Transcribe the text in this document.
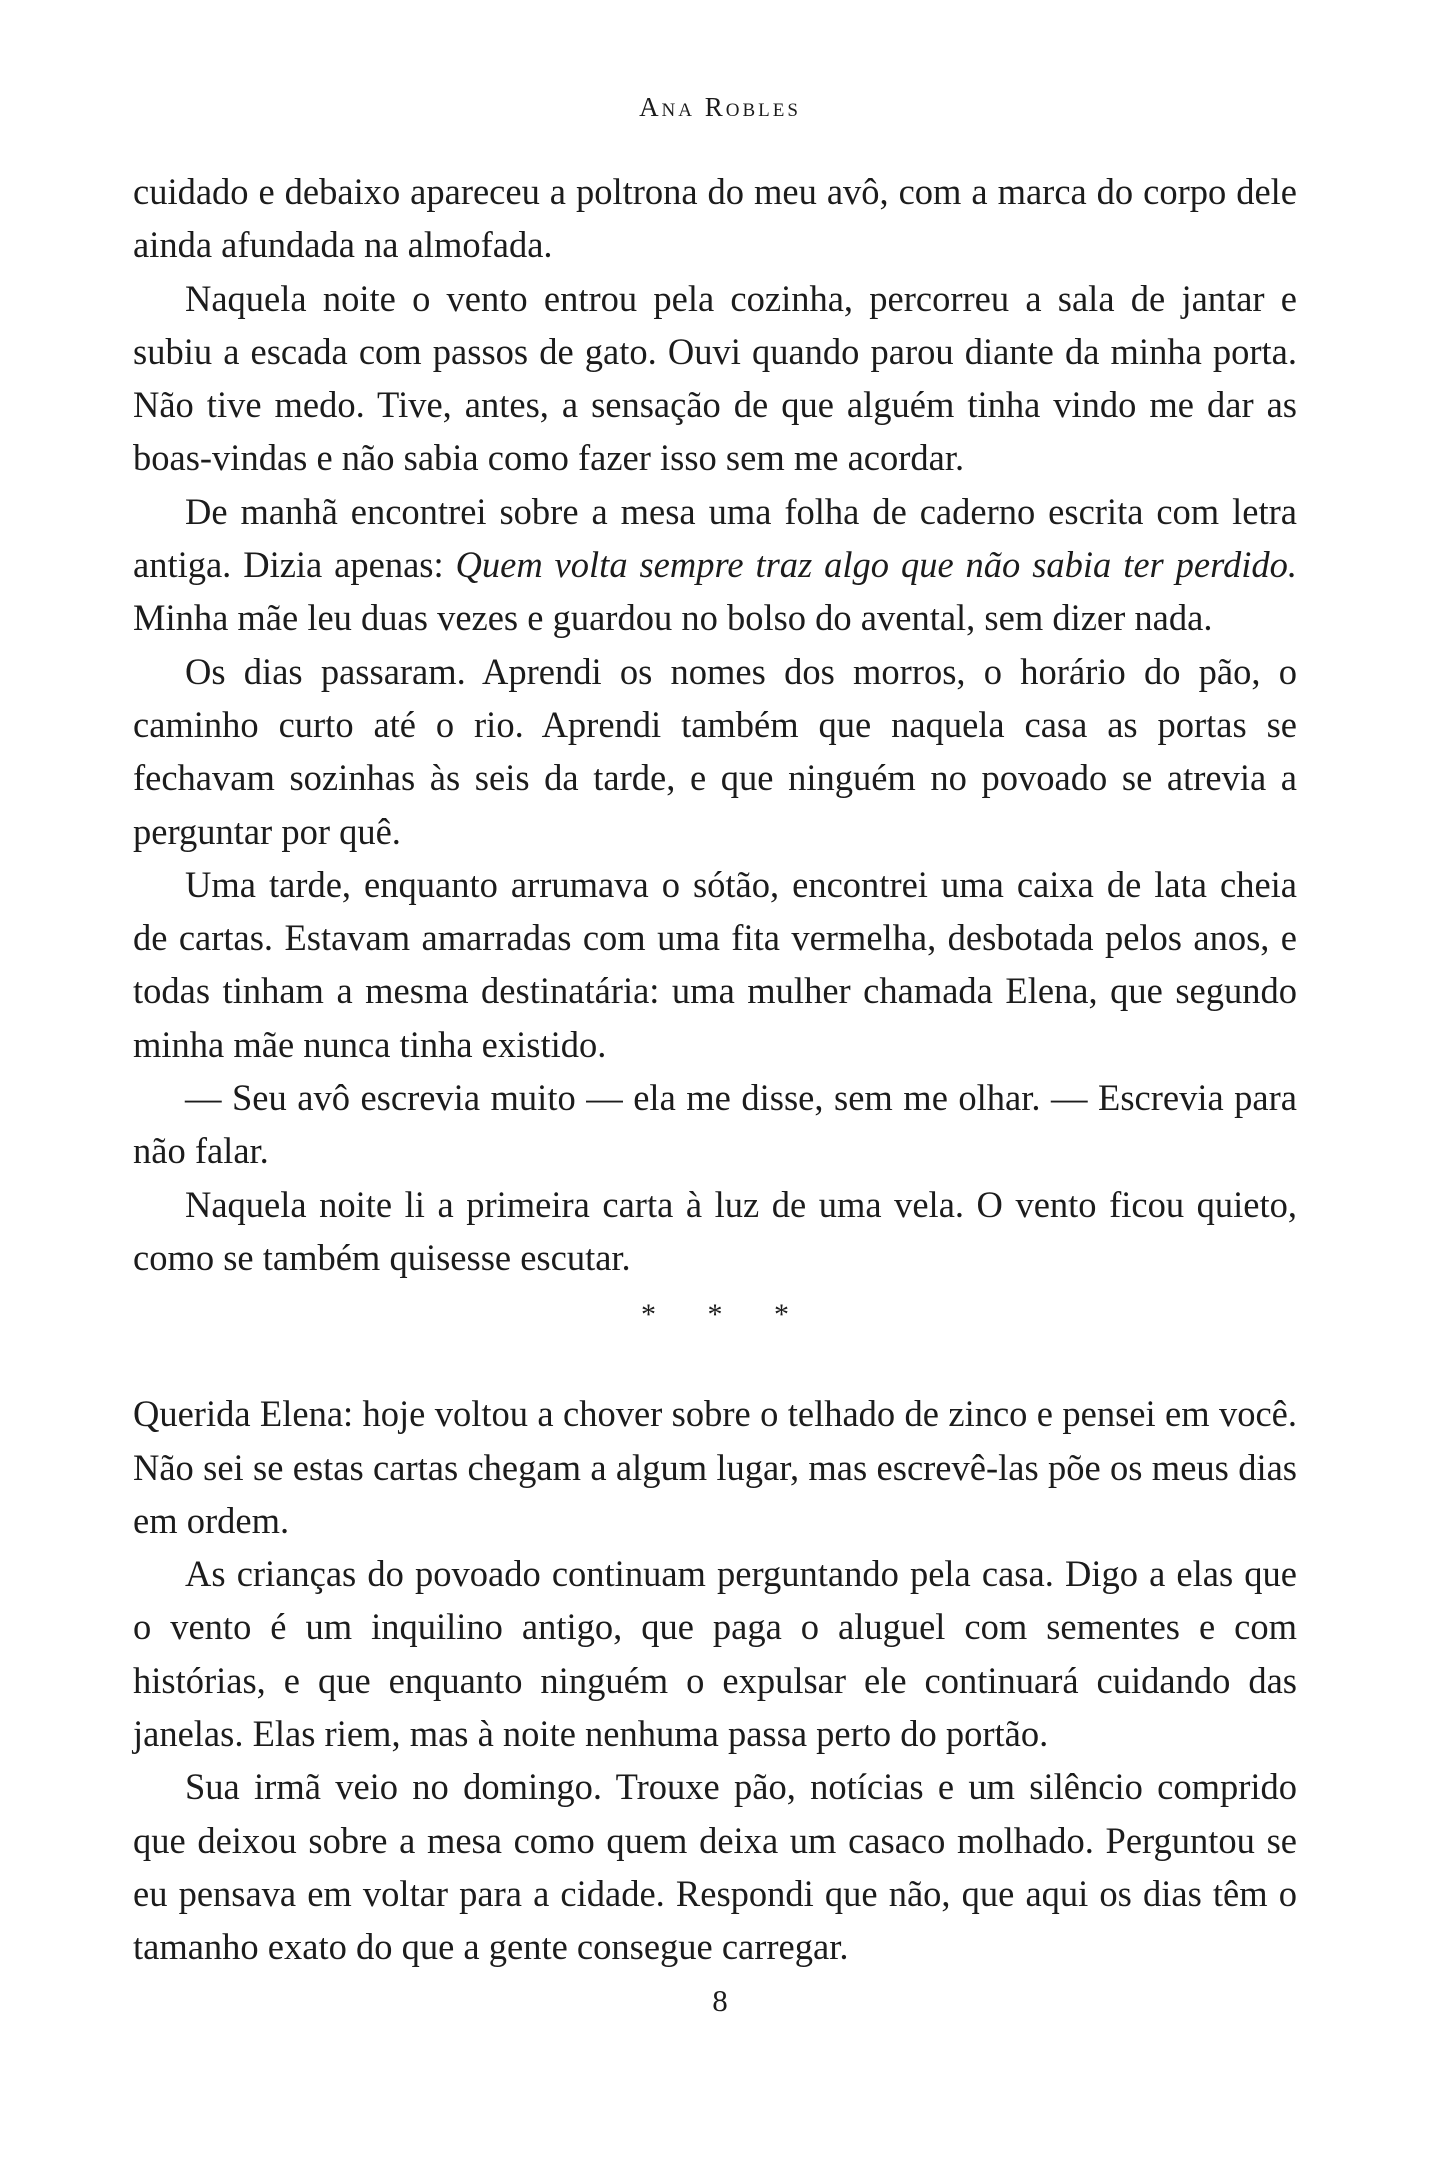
Ana Robles

cuidado e debaixo apareceu a poltrona do meu avô, com a marca do corpo dele ainda afundada na almofada.

Naquela noite o vento entrou pela cozinha, percorreu a sala de jantar e subiu a escada com passos de gato. Ouvi quando parou diante da minha porta. Não tive medo. Tive, antes, a sensação de que alguém tinha vindo me dar as boas-vindas e não sabia como fazer isso sem me acordar.

De manhã encontrei sobre a mesa uma folha de caderno escrita com letra antiga. Dizia apenas: Quem volta sempre traz algo que não sabia ter perdido. Minha mãe leu duas vezes e guardou no bolso do avental, sem dizer nada.

Os dias passaram. Aprendi os nomes dos morros, o horário do pão, o caminho curto até o rio. Aprendi também que naquela casa as portas se fechavam sozinhas às seis da tarde, e que ninguém no povoado se atrevia a perguntar por quê.

Uma tarde, enquanto arrumava o sótão, encontrei uma caixa de lata cheia de cartas. Estavam amarradas com uma fita vermelha, desbotada pelos anos, e todas tinham a mesma destinatária: uma mulher chamada Elena, que segundo minha mãe nunca tinha existido.

— Seu avô escrevia muito — ela me disse, sem me olhar. — Escrevia para não falar.

Naquela noite li a primeira carta à luz de uma vela. O vento ficou quieto, como se também quisesse escutar.

* * *

Querida Elena: hoje voltou a chover sobre o telhado de zinco e pensei em você. Não sei se estas cartas chegam a algum lugar, mas escrevê-las põe os meus dias em ordem.

As crianças do povoado continuam perguntando pela casa. Digo a elas que o vento é um inquilino antigo, que paga o aluguel com sementes e com histórias, e que enquanto ninguém o expulsar ele continuará cuidando das janelas. Elas riem, mas à noite nenhuma passa perto do portão.

Sua irmã veio no domingo. Trouxe pão, notícias e um silêncio comprido que deixou sobre a mesa como quem deixa um casaco molhado. Perguntou se eu pensava em voltar para a cidade. Respondi que não, que aqui os dias têm o tamanho exato do que a gente consegue carregar.

8
